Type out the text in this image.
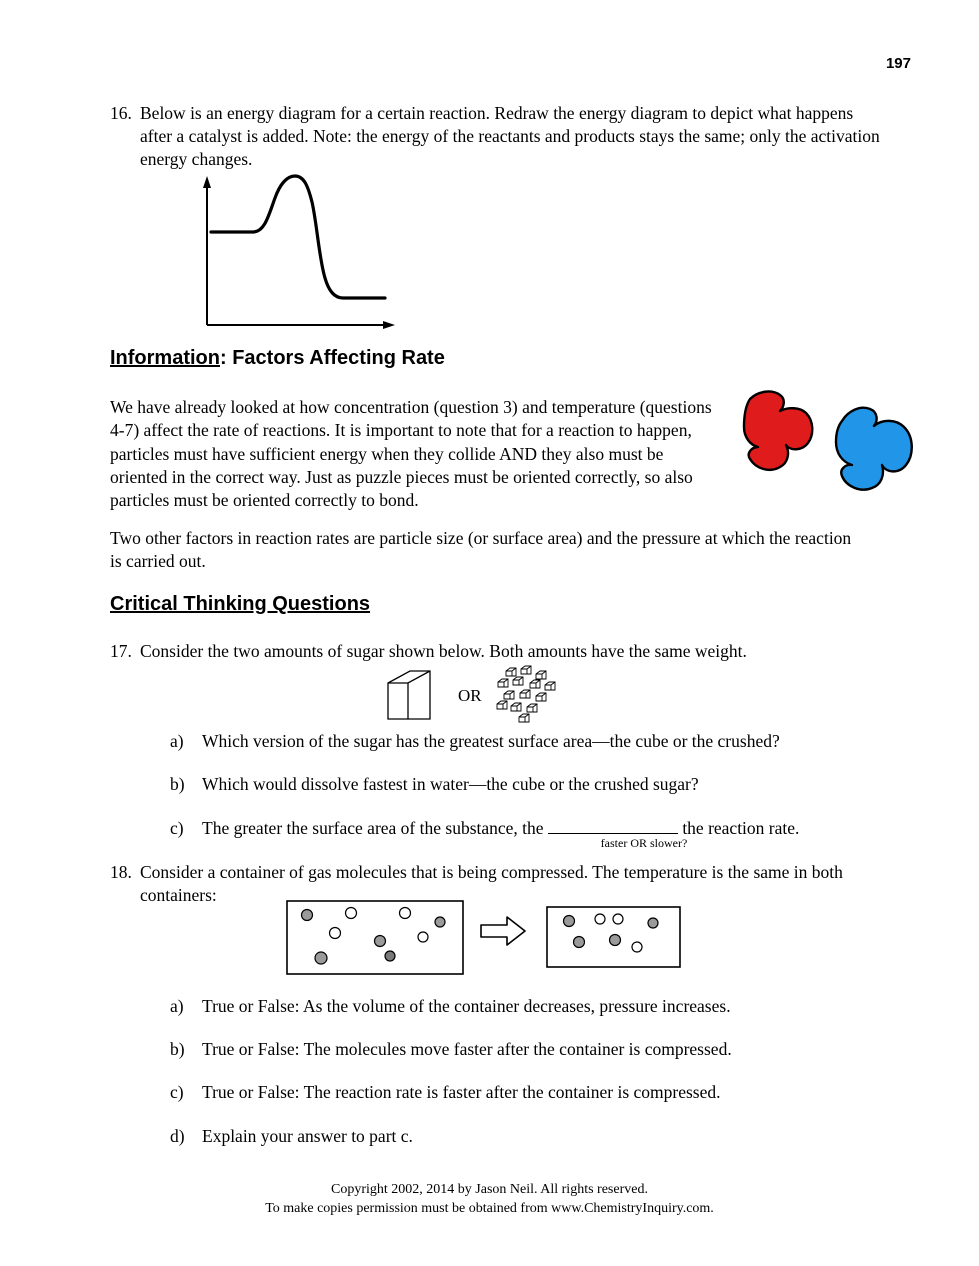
197
16. Below is an energy diagram for a certain reaction. Redraw the energy diagram to depict what happens after a catalyst is added. Note: the energy of the reactants and products stays the same; only the activation energy changes.
Information: Factors Affecting Rate
We have already looked at how concentration (question 3) and temperature (questions 4-7) affect the rate of reactions. It is important to note that for a reaction to happen, particles must have sufficient energy when they collide AND they also must be oriented in the correct way. Just as puzzle pieces must be oriented correctly, so also particles must be oriented correctly to bond.
Two other factors in reaction rates are particle size (or surface area) and the pressure at which the reaction is carried out.
Critical Thinking Questions
17. Consider the two amounts of sugar shown below. Both amounts have the same weight.
OR
a)	Which version of the sugar has the greatest surface area—the cube or the crushed?
b) Which would dissolve fastest in water—the cube or the crushed sugar?
c)	The greater the surface area of the substance, the	the reaction rate.
faster OR slower?
18. Consider a container of gas molecules that is being compressed. The temperature is the same in both containers:
a)	True or False: As the volume of the container decreases, pressure increases.
b) True or False: The molecules move faster after the container is compressed.
c)	True or False: The reaction rate is faster after the container is compressed.
d) Explain your answer to part c.
Copyright 2002, 2014 by Jason Neil. All rights reserved.
To make copies permission must be obtained from www.ChemistryInquiry.com.
